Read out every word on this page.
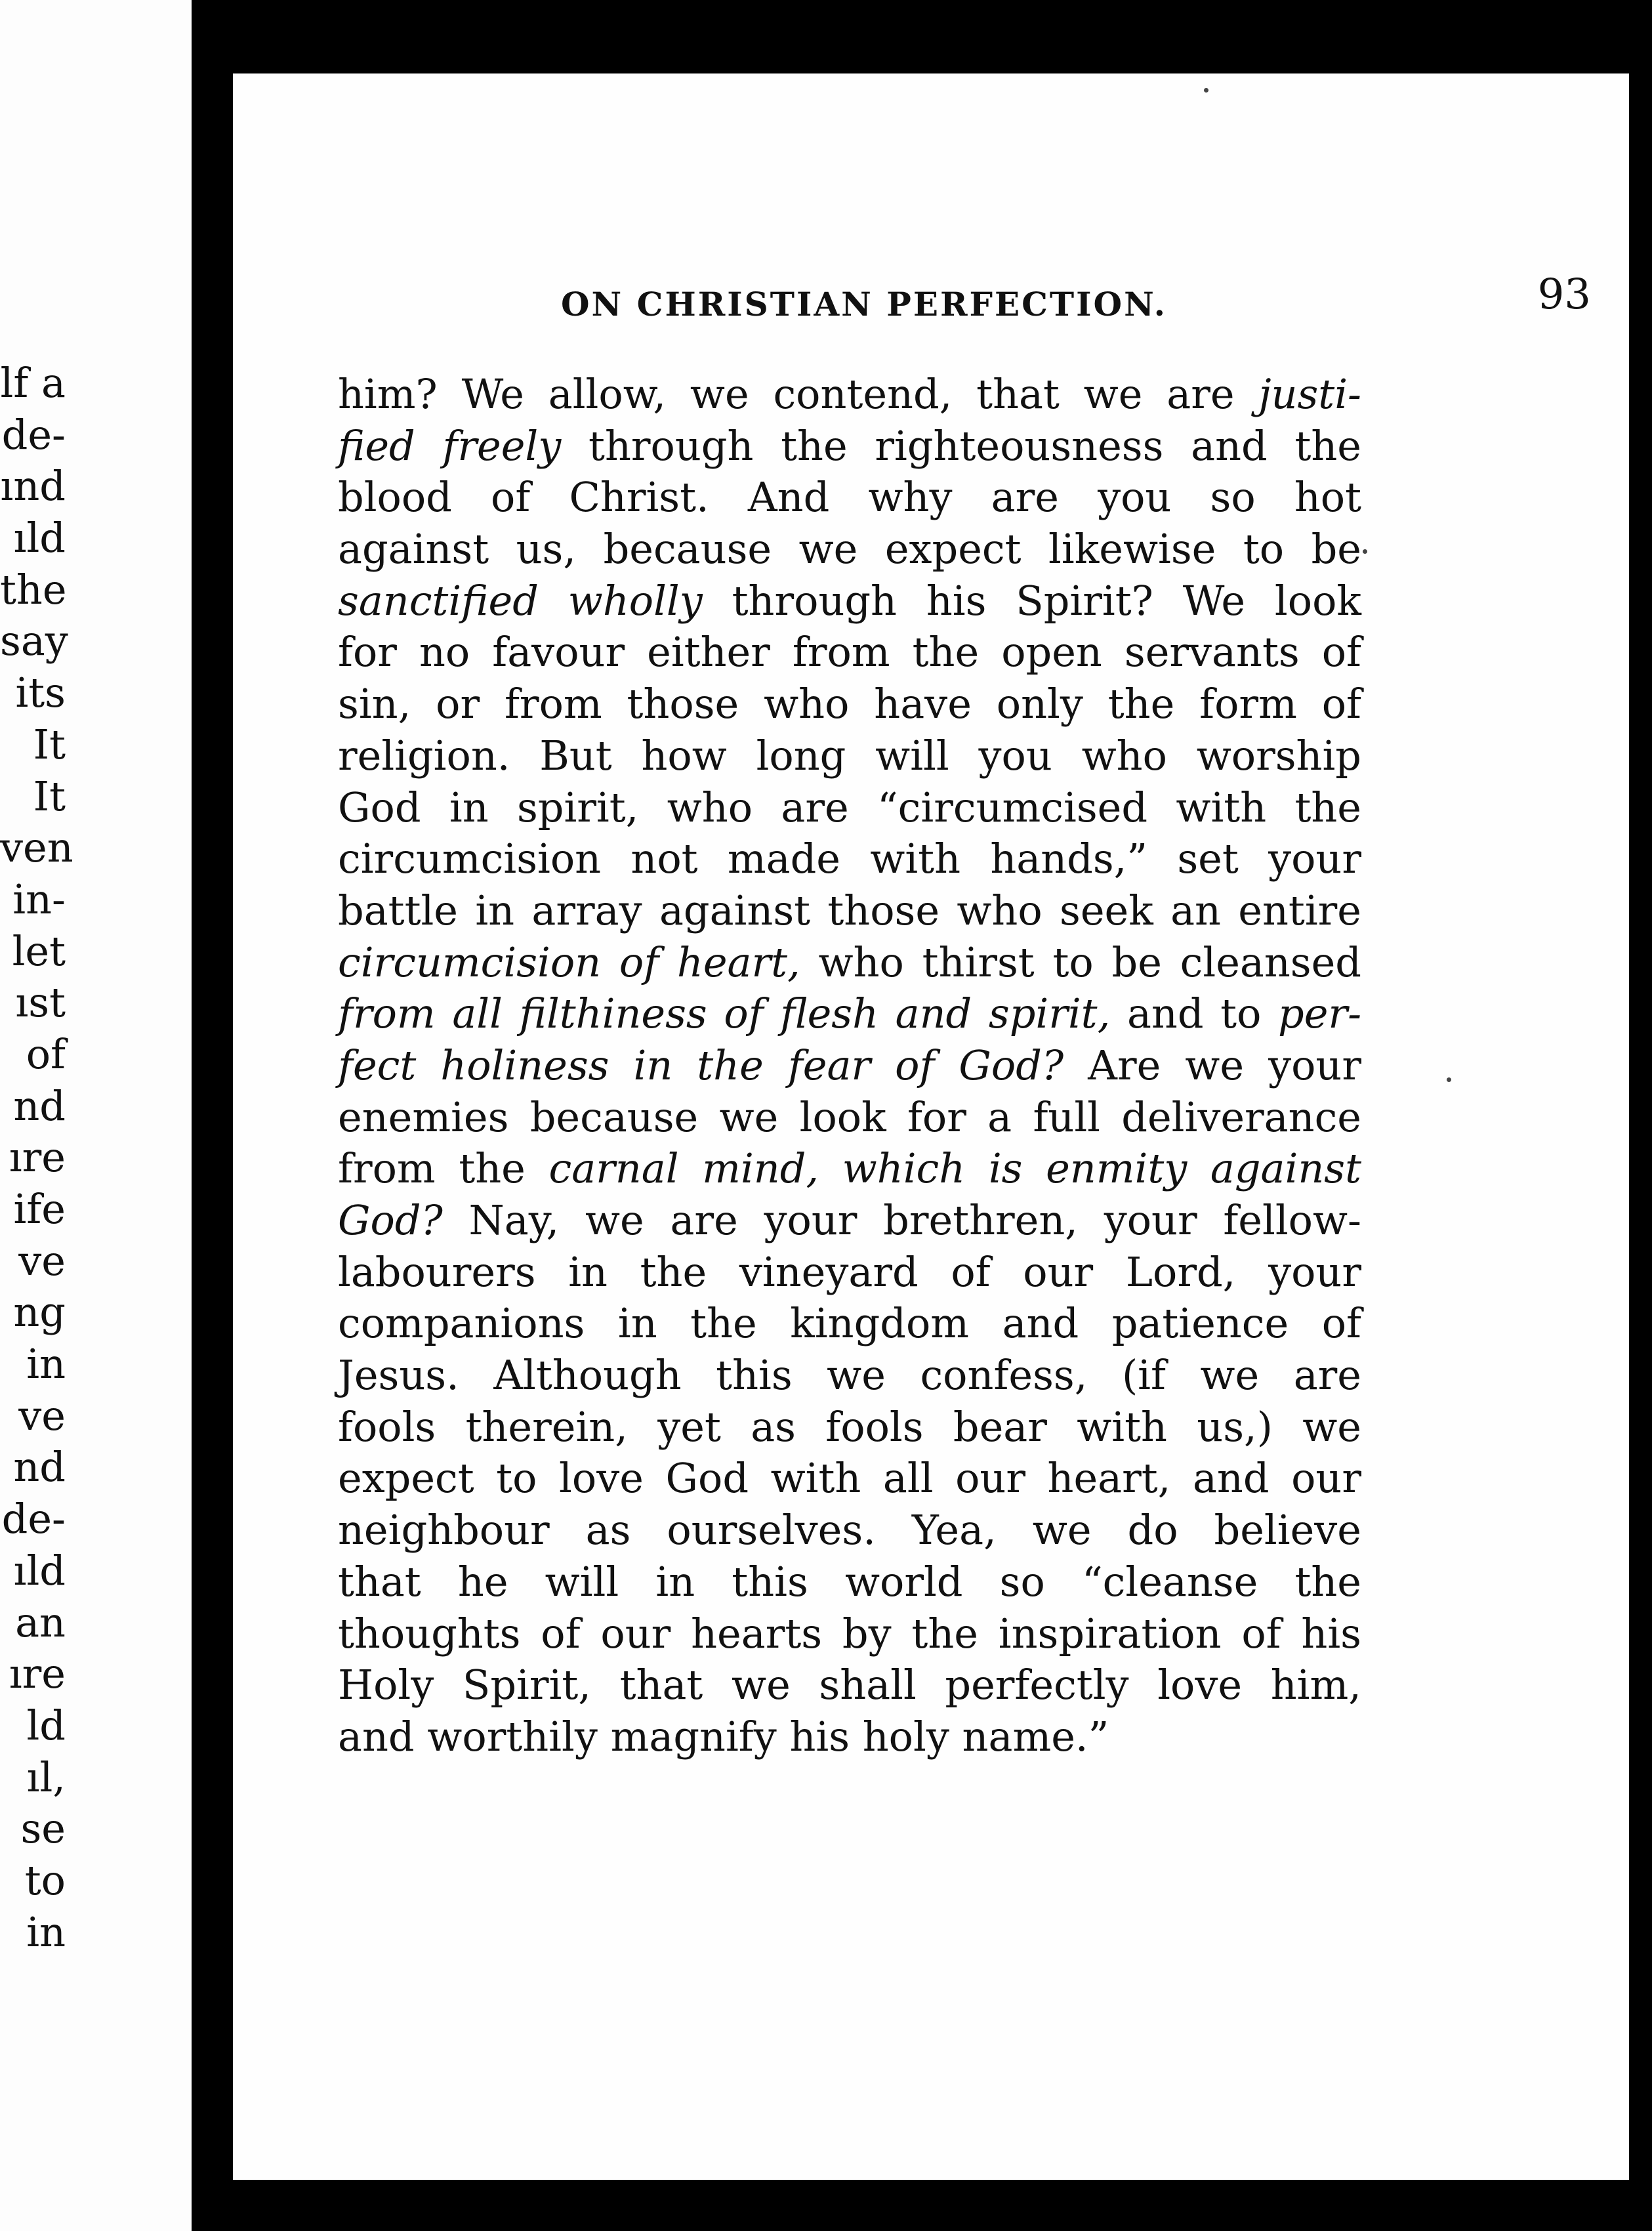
lf a
de-
ınd
ıld
the
say
its
It
It
ven
in-
let
ıst
of
nd
ıre
ife
ve
ng
in
ve
nd
de-
ıld
an
ıre
ld
ıl,
se
to
in
ON CHRISTIAN PERFECTION.	93
him? We allow, we contend, that we are justi-
fied freely through the righteousness and the
blood of Christ. And why are you so hot
against us, because we expect likewise to be
sanctified wholly through his Spirit? We look
for no favour either from the open servants of
sin, or from those who have only the form of
religion. But how long will you who worship
God in spirit, who are “circumcised with the
circumcision not made with hands,” set your
battle in array against those who seek an entire
circumcision of heart, who thirst to be cleansed
from all filthiness of flesh and spirit, and to per-
fect holiness in the fear of God? Are we your
enemies because we look for a full deliverance
from the carnal mind, which is enmity against
God? Nay, we are your brethren, your fellow-
labourers in the vineyard of our Lord, your
companions in the kingdom and patience of
Jesus. Although this we confess, (if we are
fools therein, yet as fools bear with us,) we
expect to love God with all our heart, and our
neighbour as ourselves. Yea, we do believe
that he will in this world so “cleanse the
thoughts of our hearts by the inspiration of his
Holy Spirit, that we shall perfectly love him,
and worthily magnify his holy name.”
